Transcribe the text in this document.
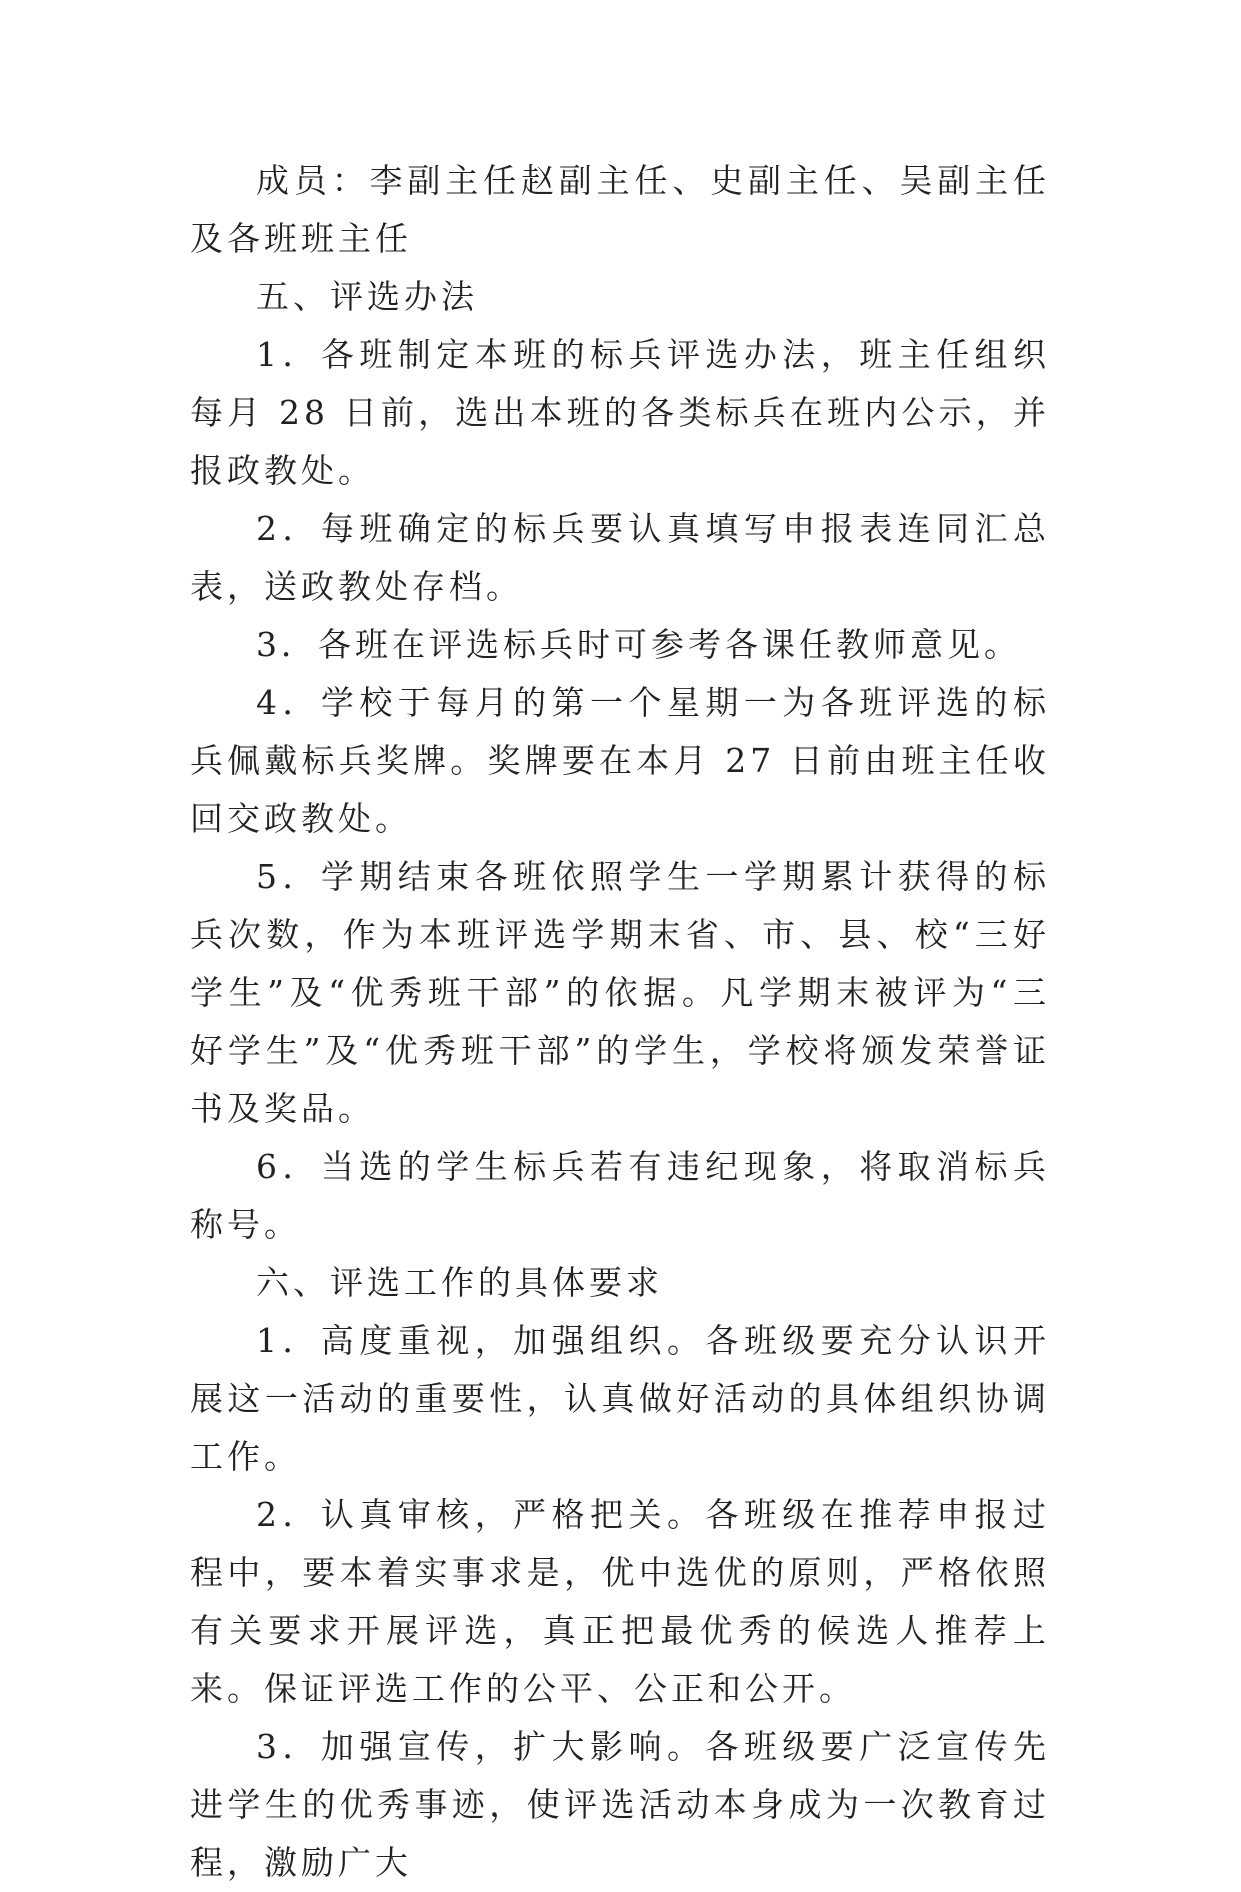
成员：李副主任赵副主任、史副主任、吴副主任及各班班主任

五、评选办法

1．各班制定本班的标兵评选办法，班主任组织每月 28 日前，选出本班的各类标兵在班内公示，并报政教处。

2．每班确定的标兵要认真填写申报表连同汇总表，送政教处存档。

3．各班在评选标兵时可参考各课任教师意见。

4．学校于每月的第一个星期一为各班评选的标兵佩戴标兵奖牌。奖牌要在本月 27 日前由班主任收回交政教处。

5．学期结束各班依照学生一学期累计获得的标兵次数，作为本班评选学期末省、市、县、校“三好学生”及“优秀班干部”的依据。凡学期末被评为“三好学生”及“优秀班干部”的学生，学校将颁发荣誉证书及奖品。

6．当选的学生标兵若有违纪现象，将取消标兵称号。

六、评选工作的具体要求

1．高度重视，加强组织。各班级要充分认识开展这一活动的重要性，认真做好活动的具体组织协调工作。

2．认真审核，严格把关。各班级在推荐申报过程中，要本着实事求是，优中选优的原则，严格依照有关要求开展评选，真正把最优秀的候选人推荐上来。保证评选工作的公平、公正和公开。

3．加强宣传，扩大影响。各班级要广泛宣传先进学生的优秀事迹，使评选活动本身成为一次教育过程，激励广大
